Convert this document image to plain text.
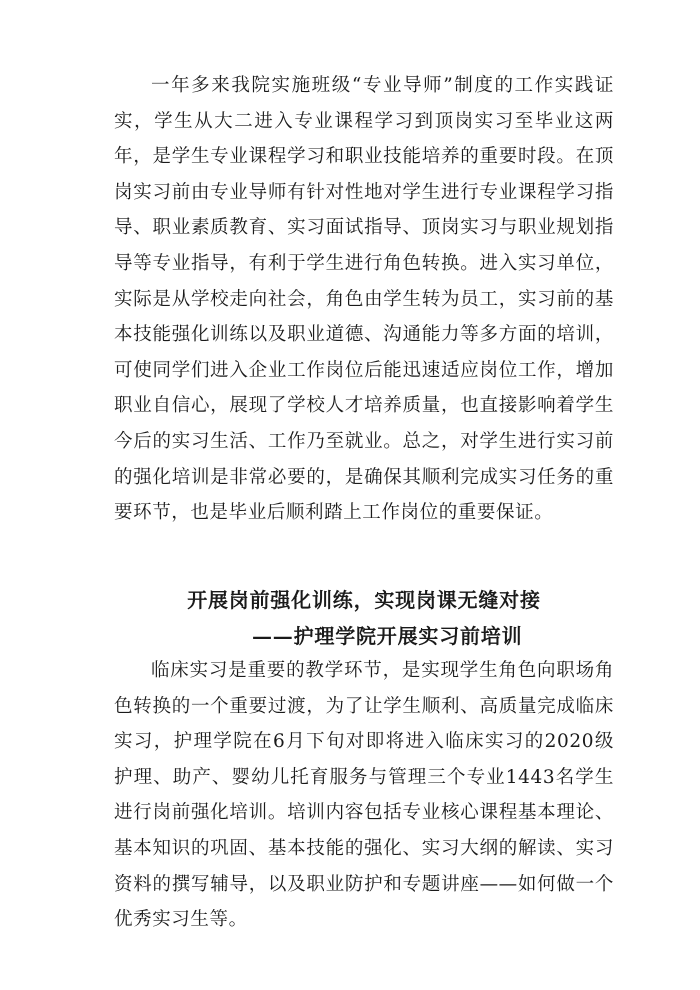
一年多来我院实施班级“专业导师”制度的工作实践证实，学生从大二进入专业课程学习到顶岗实习至毕业这两年，是学生专业课程学习和职业技能培养的重要时段。在顶岗实习前由专业导师有针对性地对学生进行专业课程学习指导、职业素质教育、实习面试指导、顶岗实习与职业规划指导等专业指导，有利于学生进行角色转换。进入实习单位，实际是从学校走向社会，角色由学生转为员工，实习前的基本技能强化训练以及职业道德、沟通能力等多方面的培训，可使同学们进入企业工作岗位后能迅速适应岗位工作，增加职业自信心，展现了学校人才培养质量，也直接影响着学生今后的实习生活、工作乃至就业。总之，对学生进行实习前的强化培训是非常必要的，是确保其顺利完成实习任务的重要环节，也是毕业后顺利踏上工作岗位的重要保证。

开展岗前强化训练，实现岗课无缝对接
——护理学院开展实习前培训

临床实习是重要的教学环节，是实现学生角色向职场角色转换的一个重要过渡，为了让学生顺利、高质量完成临床实习，护理学院在6月下旬对即将进入临床实习的2020级护理、助产、婴幼儿托育服务与管理三个专业1443名学生进行岗前强化培训。培训内容包括专业核心课程基本理论、基本知识的巩固、基本技能的强化、实习大纲的解读、实习资料的撰写辅导，以及职业防护和专题讲座——如何做一个优秀实习生等。
